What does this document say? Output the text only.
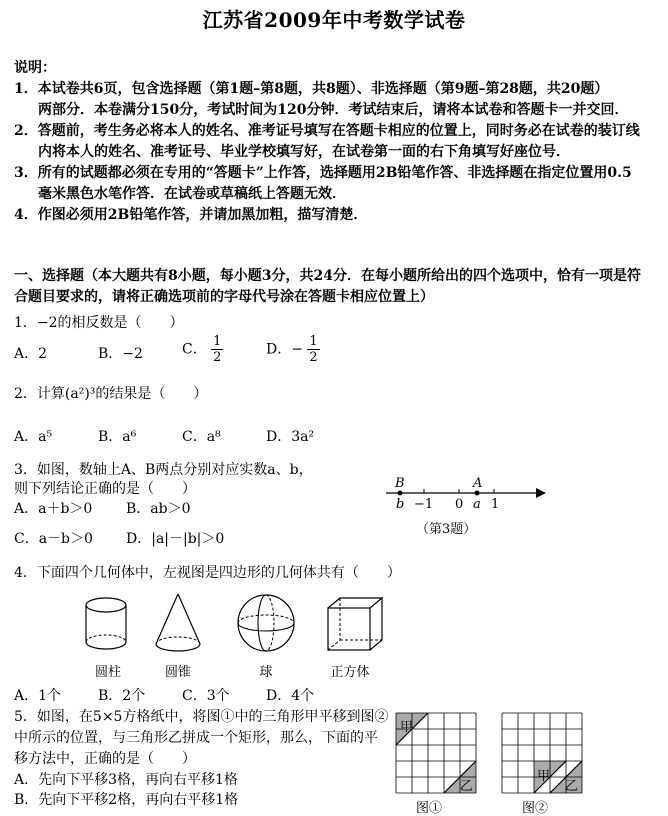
江苏省2009年中考数学试卷
说明：
1．本试卷共6页，包含选择题（第1题–第8题，共8题）、非选择题（第9题–第28题，共20题）
两部分．本卷满分150分，考试时间为120分钟．考试结束后，请将本试卷和答题卡一并交回．
2．答题前，考生务必将本人的姓名、准考证号填写在答题卡相应的位置上，同时务必在试卷的装订线
内将本人的姓名、准考证号、毕业学校填写好，在试卷第一面的右下角填写好座位号．
3．所有的试题都必须在专用的“答题卡”上作答，选择题用2B铅笔作答、非选择题在指定位置用0.5
毫米黑色水笔作答．在试卷或草稿纸上答题无效．
4．作图必须用2B铅笔作答，并请加黑加粗，描写清楚．
一、选择题（本大题共有8小题，每小题3分，共24分．在每小题所给出的四个选项中，恰有一项是符
合题目要求的，请将正确选项前的字母代号涂在答题卡相应位置上）
1．−2的相反数是（　　）
A．2	B．−2	C． $\frac{1}{2}$	D．− $\frac{1}{2}$
2．计算(a²)³的结果是（　　）
A．a⁵	B．a⁶	C．a⁸	D．3a²
3．如图，数轴上A、B两点分别对应实数a、b，
则下列结论正确的是（　　）
A．a＋b＞0 B．ab＞0
C．a－b＞0 D．|a|－|b|＞0
B	A
b −1 0 a 1
（第3题）
4．下面四个几何体中，左视图是四边形的几何体共有（　　）
圆柱	圆锥	球	正方体
A．1个	B．2个	C．3个	D．4个
5．如图，在5×5方格纸中，将图①中的三角形甲平移到图②
中所示的位置，与三角形乙拼成一个矩形，那么，下面的平
移方法中，正确的是（　　）
A．先向下平移3格，再向右平移1格
B．先向下平移2格，再向右平移1格
甲
乙
甲
乙
图①	图②
